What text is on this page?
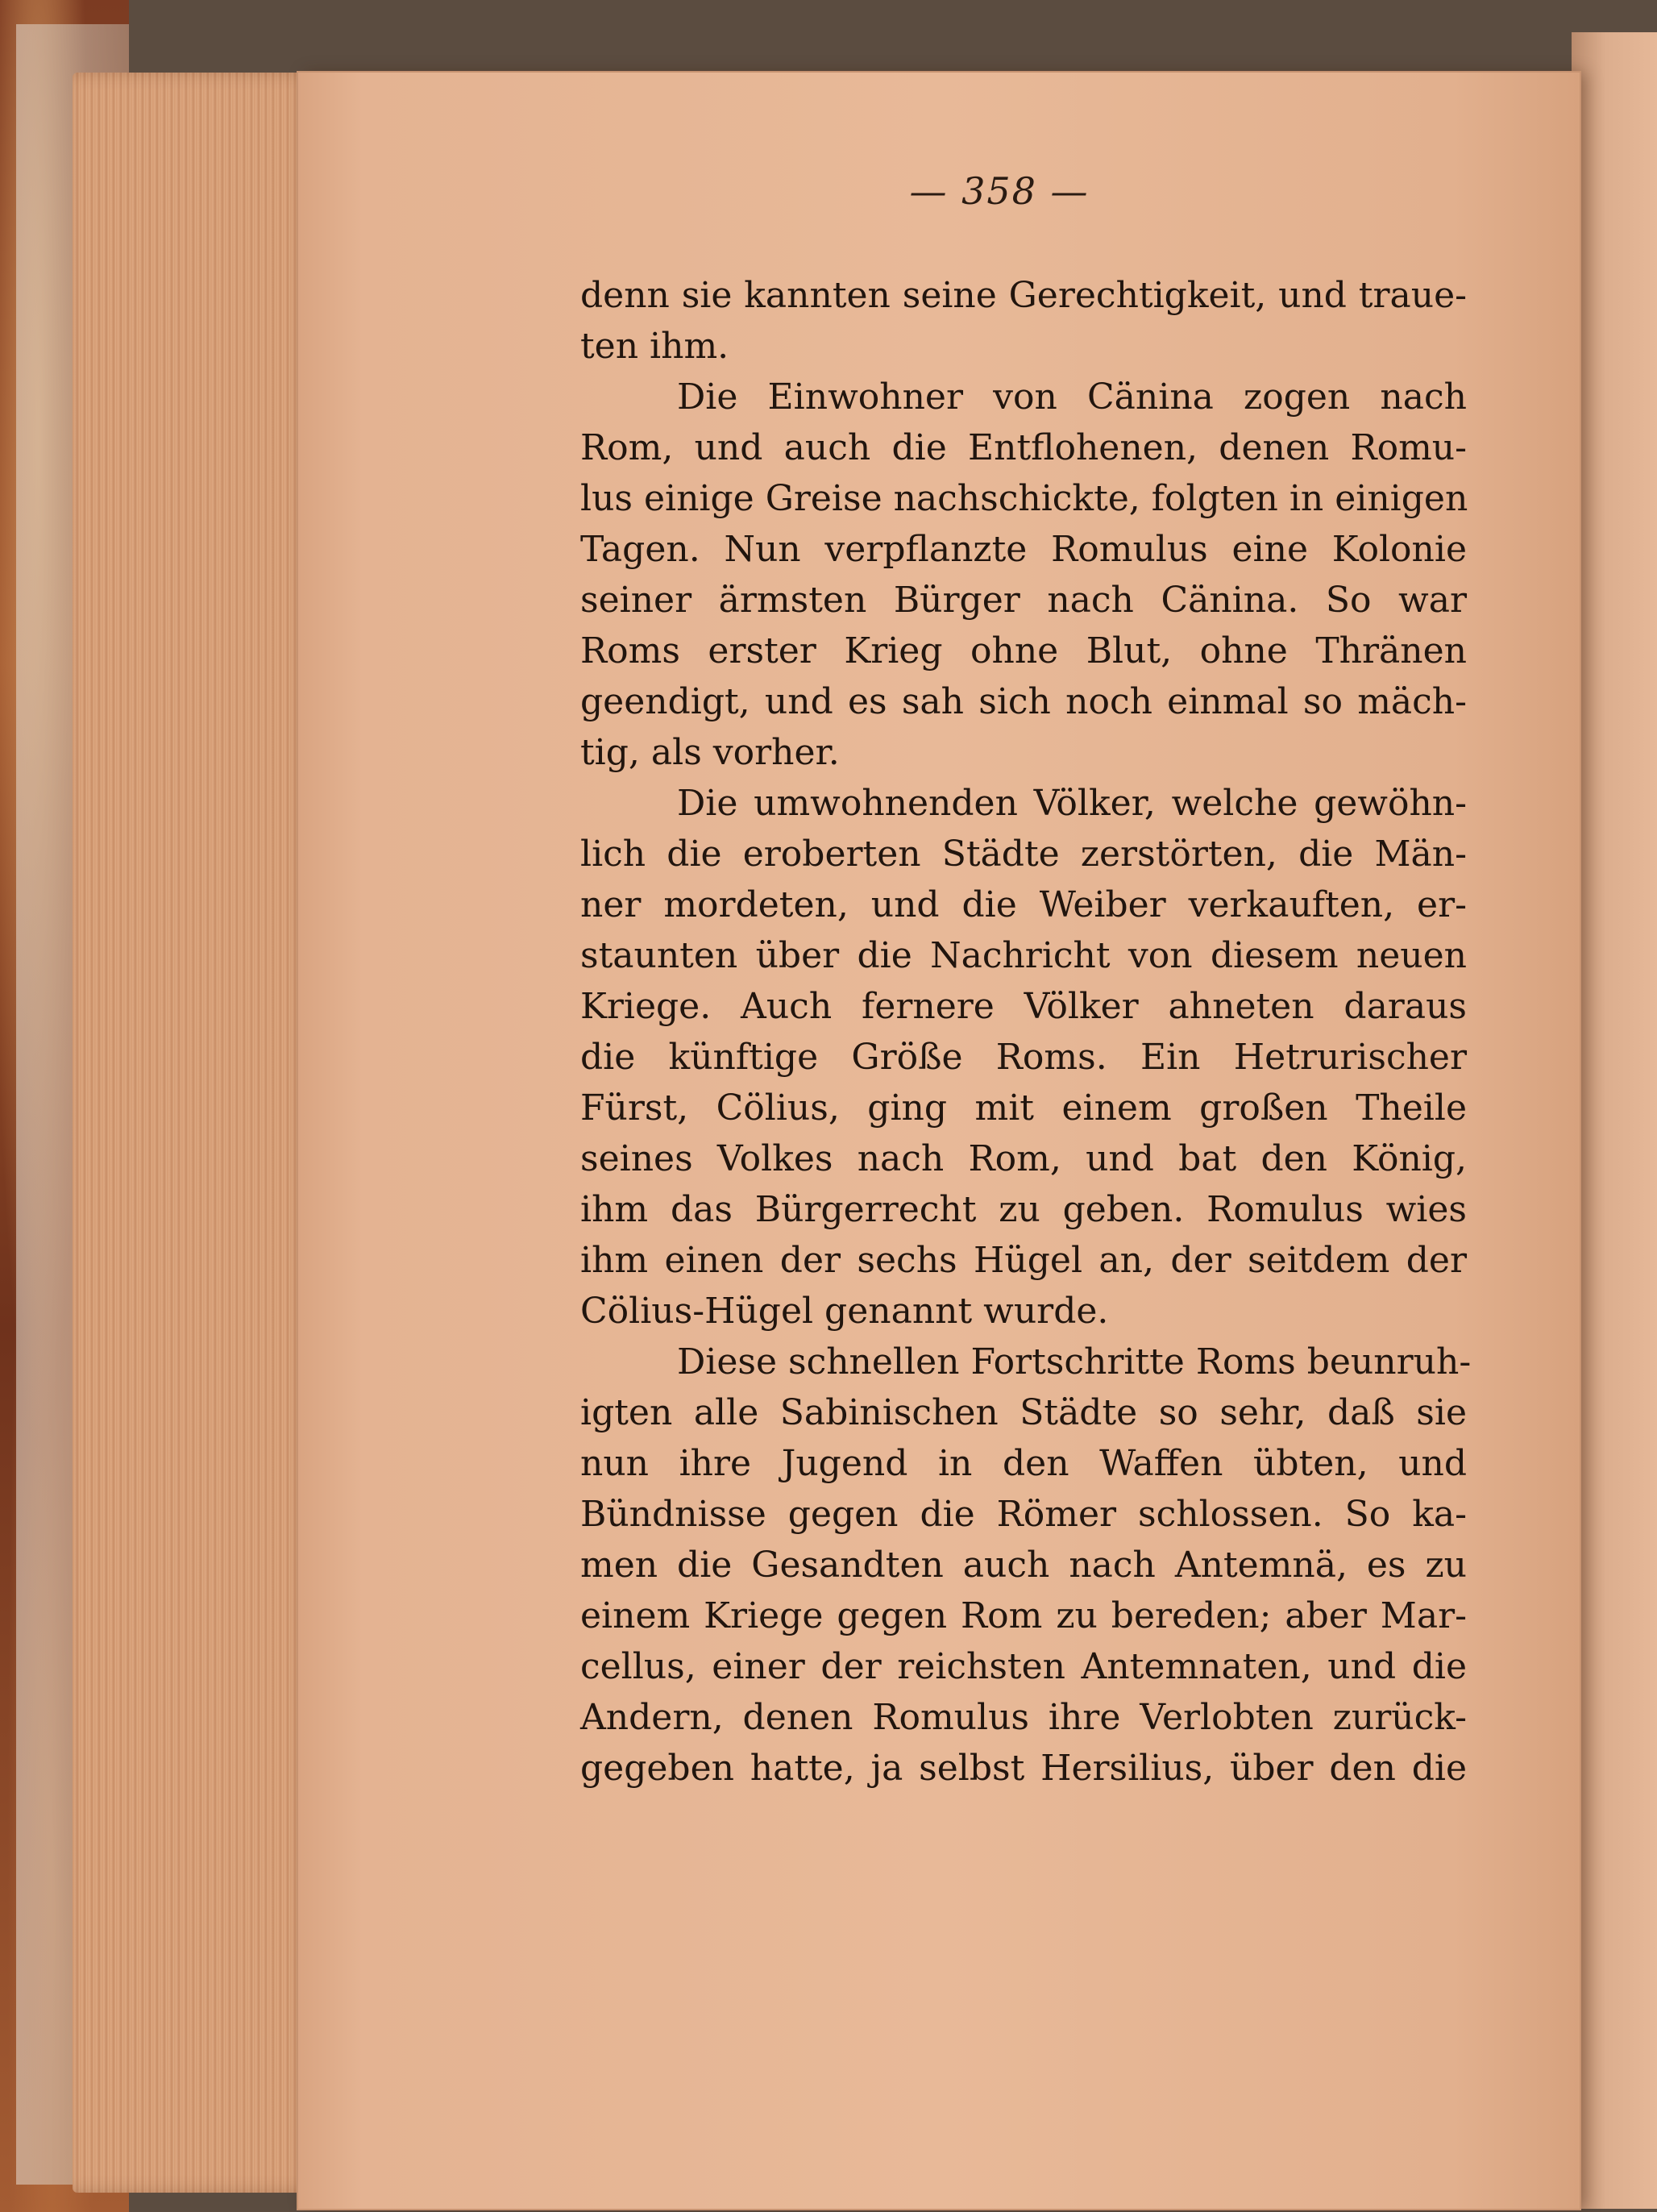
— 358 —
denn sie kannten seine Gerechtigkeit, und traue-
ten ihm.
Die Einwohner von Cänina zogen nach
Rom, und auch die Entflohenen, denen Romu-
lus einige Greise nachschickte, folgten in einigen
Tagen. Nun verpflanzte Romulus eine Kolonie
seiner ärmsten Bürger nach Cänina. So war
Roms erster Krieg ohne Blut, ohne Thränen
geendigt, und es sah sich noch einmal so mäch-
tig, als vorher.
Die umwohnenden Völker, welche gewöhn-
lich die eroberten Städte zerstörten, die Män-
ner mordeten, und die Weiber verkauften, er-
staunten über die Nachricht von diesem neuen
Kriege. Auch fernere Völker ahneten daraus
die künftige Größe Roms. Ein Hetrurischer
Fürst, Cölius, ging mit einem großen Theile
seines Volkes nach Rom, und bat den König,
ihm das Bürgerrecht zu geben. Romulus wies
ihm einen der sechs Hügel an, der seitdem der
Cölius-Hügel genannt wurde.
Diese schnellen Fortschritte Roms beunruh-
igten alle Sabinischen Städte so sehr, daß sie
nun ihre Jugend in den Waffen übten, und
Bündnisse gegen die Römer schlossen. So ka-
men die Gesandten auch nach Antemnä, es zu
einem Kriege gegen Rom zu bereden; aber Mar-
cellus, einer der reichsten Antemnaten, und die
Andern, denen Romulus ihre Verlobten zurück-
gegeben hatte, ja selbst Hersilius, über den die
